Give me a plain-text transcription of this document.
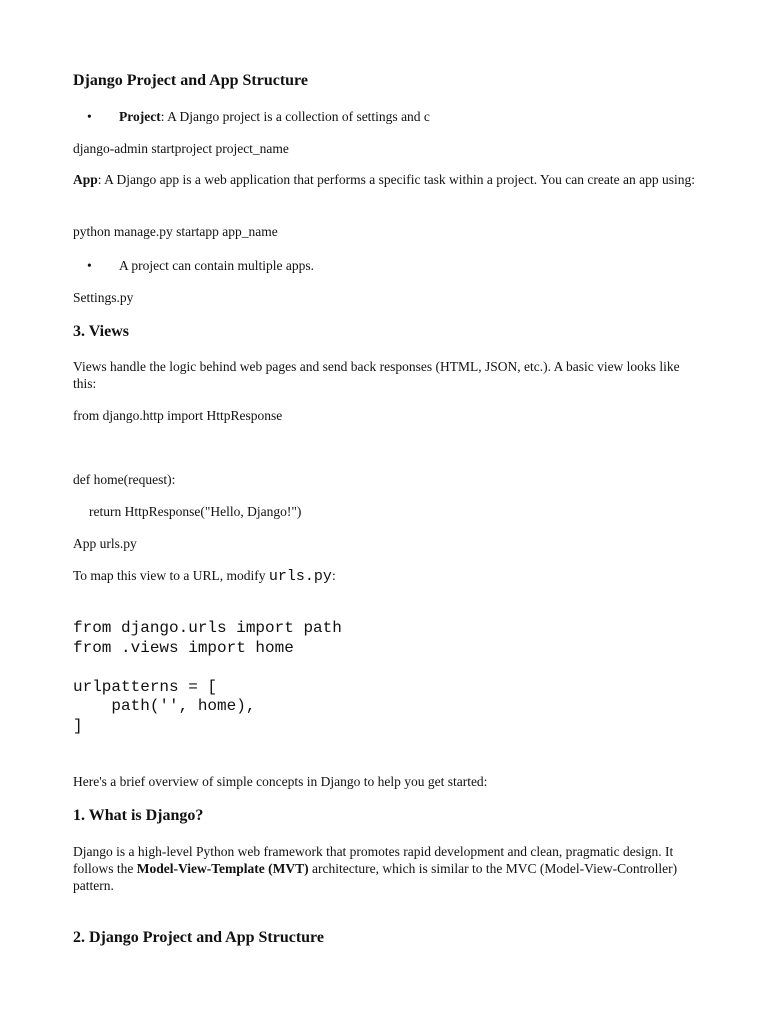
Django Project and App Structure
• Project: A Django project is a collection of settings and c
django-admin startproject project_name
App: A Django app is a web application that performs a specific task within a project. You can create an app using:
python manage.py startapp app_name
• A project can contain multiple apps.
Settings.py
3. Views
Views handle the logic behind web pages and send back responses (HTML, JSON, etc.). A basic view looks like this:
from django.http import HttpResponse
def home(request):
return HttpResponse("Hello, Django!")
App urls.py
To map this view to a URL, modify urls.py:
from django.urls import path
from .views import home

urlpatterns = [
path('', home),
]
Here's a brief overview of simple concepts in Django to help you get started:
1. What is Django?
Django is a high-level Python web framework that promotes rapid development and clean, pragmatic design. It follows the Model-View-Template (MVT) architecture, which is similar to the MVC (Model-View-Controller) pattern.
2. Django Project and App Structure
